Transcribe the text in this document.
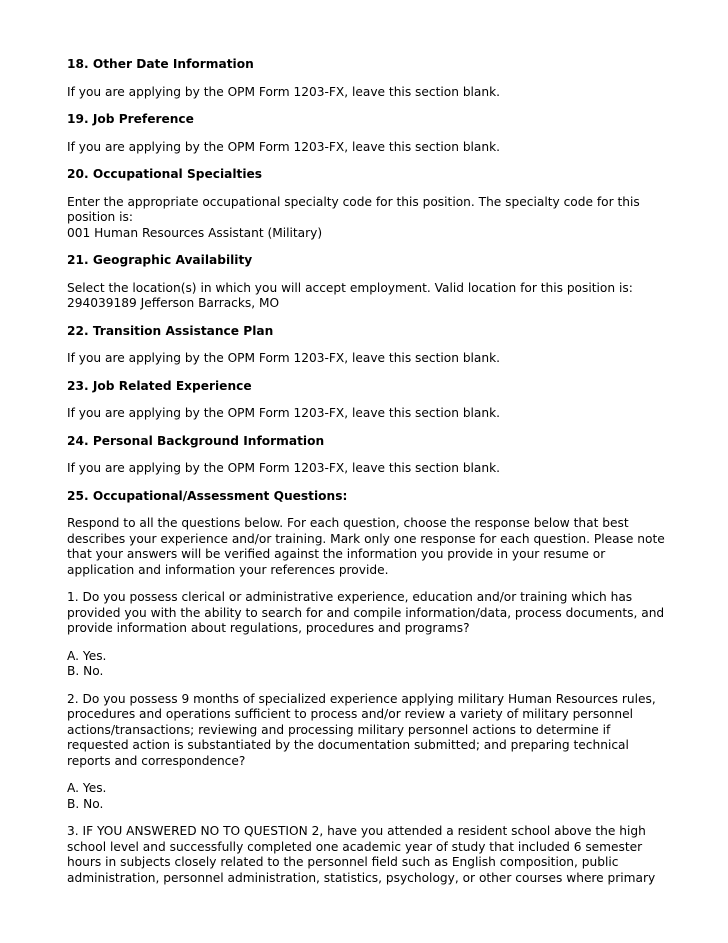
18. Other Date Information
If you are applying by the OPM Form 1203-FX, leave this section blank.
19. Job Preference
If you are applying by the OPM Form 1203-FX, leave this section blank.
20. Occupational Specialties
Enter the appropriate occupational specialty code for this position. The specialty code for this
position is:
001 Human Resources Assistant (Military)
21. Geographic Availability
Select the location(s) in which you will accept employment. Valid location for this position is:
294039189 Jefferson Barracks, MO
22. Transition Assistance Plan
If you are applying by the OPM Form 1203-FX, leave this section blank.
23. Job Related Experience
If you are applying by the OPM Form 1203-FX, leave this section blank.
24. Personal Background Information
If you are applying by the OPM Form 1203-FX, leave this section blank.
25. Occupational/Assessment Questions:
Respond to all the questions below. For each question, choose the response below that best
describes your experience and/or training. Mark only one response for each question. Please note
that your answers will be verified against the information you provide in your resume or
application and information your references provide.
1. Do you possess clerical or administrative experience, education and/or training which has
provided you with the ability to search for and compile information/data, process documents, and
provide information about regulations, procedures and programs?
A. Yes.
B. No.
2. Do you possess 9 months of specialized experience applying military Human Resources rules,
procedures and operations sufficient to process and/or review a variety of military personnel
actions/transactions; reviewing and processing military personnel actions to determine if
requested action is substantiated by the documentation submitted; and preparing technical
reports and correspondence?
A. Yes.
B. No.
3. IF YOU ANSWERED NO TO QUESTION 2, have you attended a resident school above the high
school level and successfully completed one academic year of study that included 6 semester
hours in subjects closely related to the personnel field such as English composition, public
administration, personnel administration, statistics, psychology, or other courses where primary
